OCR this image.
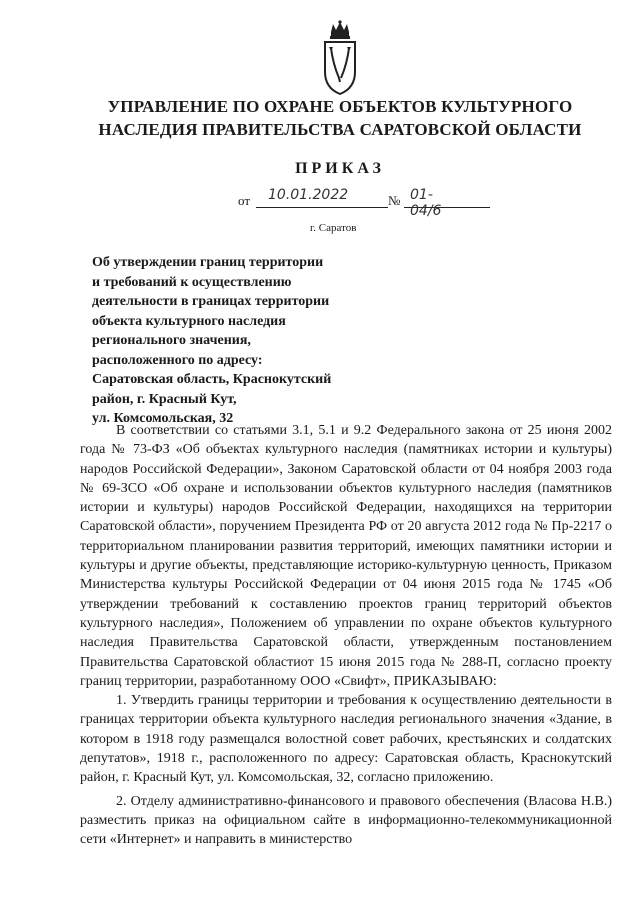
УПРАВЛЕНИЕ ПО ОХРАНЕ ОБЪЕКТОВ КУЛЬТУРНОГО
НАСЛЕДИЯ ПРАВИТЕЛЬСТВА САРАТОВСКОЙ ОБЛАСТИ
ПРИКАЗ
от 10.01.2022	№ 01-04/6
г. Саратов
Об утверждении границ территории
и требований к осуществлению
деятельности в границах территории
объекта культурного наследия
регионального значения,
расположенного по адресу:
Саратовская область, Краснокутский
район, г. Красный Кут,
ул. Комсомольская, 32

В соответствии со статьями 3.1, 5.1 и 9.2 Федерального закона от 25 июня 2002 года № 73-ФЗ «Об объектах культурного наследия (памятниках истории и культуры) народов Российской Федерации», Законом Саратовской области от 04 ноября 2003 года № 69-ЗСО «Об охране и использовании объектов культурного наследия (памятников истории и культуры) народов Российской Федерации, находящихся на территории Саратовской области», поручением Президента РФ от 20 августа 2012 года № Пр-2217 о территориальном планировании развития территорий, имеющих памятники истории и культуры и другие объекты, представляющие историко-культурную ценность, Приказом Министерства культуры Российской Федерации от 04 июня 2015 года № 1745 «Об утверждении требований к составлению проектов границ территорий объектов культурного наследия», Положением об управлении по охране объектов культурного наследия Правительства Саратовской области, утвержденным постановлением Правительства Саратовской областиот 15 июня 2015 года № 288-П, согласно проекту границ территории, разработанному ООО «Свифт», ПРИКАЗЫВАЮ:

1. Утвердить границы территории и требования к осуществлению деятельности в границах территории объекта культурного наследия регионального значения «Здание, в котором в 1918 году размещался волостной совет рабочих, крестьянских и солдатских депутатов», 1918 г., расположенного по адресу: Саратовская область, Краснокутский район, г. Красный Кут, ул. Комсомольская, 32, согласно приложению.

2. Отделу административно-финансового и правового обеспечения (Власова Н.В.) разместить приказ на официальном сайте в информационно-телекоммуникационной сети «Интернет» и направить в министерство
